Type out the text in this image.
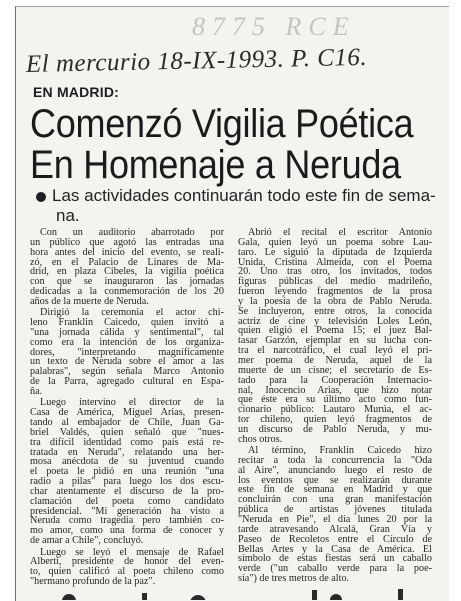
8775 RCE
El mercurio 18-IX-1993. P. C16.
EN MADRID:
Comenzó Vigilia Poética
En Homenaje a Neruda
Las actividades continuarán todo este fin de sema-
na.
Con un auditorio abarrotado por
un público que agotó las entradas una
hora antes del inicio del evento, se reali-
zó, en el Palacio de Linares de Ma-
drid, en plaza Cibeles, la vigilia poética
con que se inauguraron las jornadas
dedicadas a la conmemoración de los 20
años de la muerte de Neruda.
Dirigió la ceremonia el actor chi-
leno Franklin Caicedo, quien invitó a
"una jornada cálida y sentimental", tal
como era la intención de los organiza-
dores, "interpretando magníficamente
un texto de Neruda sobre el amor a las
palabras", según señala Marco Antonio
de la Parra, agregado cultural en Espa-
ña.
Luego intervino el director de la
Casa de América, Miguel Arias, presen-
tando al embajador de Chile, Juan Ga-
briel Valdés, quien señaló que "nues-
tra difícil identidad como país está re-
tratada en Neruda", relatando una her-
mosa anécdota de su juventud cuando
el poeta le pidió en una reunión "una
radio a pilas" para luego los dos escu-
char atentamente el discurso de la pro-
clamación del poeta como candidato
presidencial. "Mi generación ha visto a
Neruda como tragedia pero también co-
mo amor, como una forma de conocer y
de amar a Chile", concluyó.
Luego se leyó el mensaje de Rafael
Alberti, presidente de honor del even-
to, quien calificó al poeta chileno como
"hermano profundo de la paz".
Abrió el recital el escritor Antonio
Gala, quien leyó un poema sobre Lau-
taro. Le siguió la diputada de Izquierda
Unida, Cristina Almeida, con el Poema
20. Uno tras otro, los invitados, todos
figuras públicas del medio madrileño,
fueron leyendo fragmentos de la prosa
y la poesía de la obra de Pablo Neruda.
Se incluyeron, entre otros, la conocida
actriz de cine y televisión Loles León,
quien eligió el Poema 15; el juez Bal-
tasar Garzón, ejemplar en su lucha con-
tra el narcotráfico, el cual leyó el pri-
mer poema de Neruda, aquel de la
muerte de un cisne; el secretario de Es-
tado para la Cooperación Internacio-
nal, Inocencio Arias, que hizo notar
que éste era su último acto como fun-
cionario público: Lautaro Murúa, el ac-
tor chileno, quien leyó fragmentos de
un discurso de Pablo Neruda, y mu-
chos otros.
Al término, Franklin Caicedo hizo
recitar a toda la concurrencia la "Oda
al Aire", anunciando luego el resto de
los eventos que se realizarán durante
este fin de semana en Madrid y que
concluirán con una gran manifestación
pública de artistas jóvenes titulada
"Neruda en Pie", el día lunes 20 por la
tarde atravesando Alcalá, Gran Vía y
Paseo de Recoletos entre el Círculo de
Bellas Artes y la Casa de América. El
símbolo de estas fiestas será un caballo
verde ("un caballo verde para la poe-
sía") de tres metros de alto.
